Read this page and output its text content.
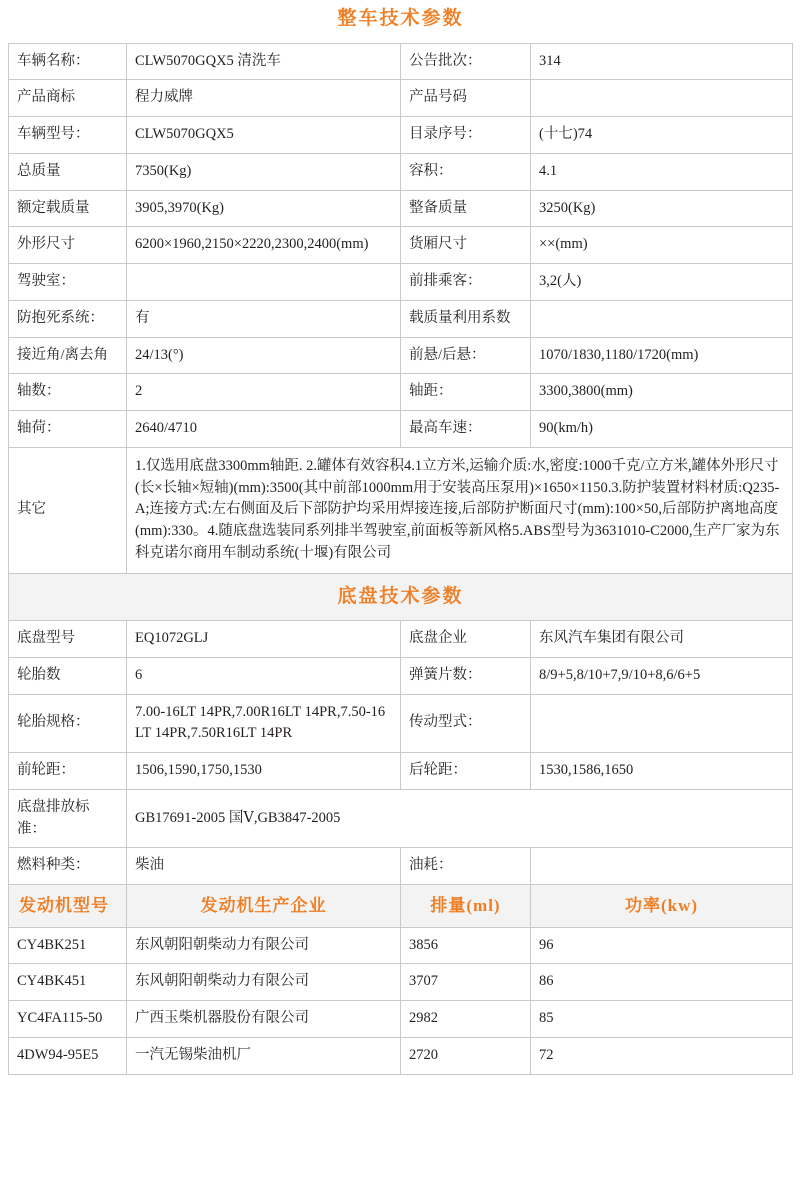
整车技术参数			
车辆名称：	CLW5070GQX5 清洗车	公告批次：	314
产品商标	程力威牌	产品号码	
车辆型号：	CLW5070GQX5	目录序号：	(十七)74
总质量	7350(Kg)	容积：	4.1
额定载质量	3905,3970(Kg)	整备质量	3250(Kg)
外形尺寸	6200×1960,2150×2220,2300,2400(mm)	货厢尺寸	××(mm)
驾驶室：		前排乘客：	3,2(人)
防抱死系统：	有	载质量利用系数	
接近角/离去角	24/13(°)	前悬/后悬：	1070/1830,1180/1720(mm)
轴数：	2	轴距：	3300,3800(mm)
轴荷：	2640/4710	最高车速：	90(km/h)
其它	1.仅选用底盘3300mm轴距. 2.罐体有效容积4.1立方米,运输介质:水,密度:1000千克/立方米,罐体外形尺寸(长×长轴×短轴)(mm):3500(其中前部1000mm用于安装高压泵用)×1650×1150.3.防护装置材料材质:Q235-A;连接方式:左右侧面及后下部防护均采用焊接连接,后部防护断面尺寸(mm):100×50,后部防护离地高度(mm):330。4.随底盘选装同系列排半驾驶室,前面板等新风格5.ABS型号为3631010-C2000,生产厂家为东科克诺尔商用车制动系统(十堰)有限公司		
底盘技术参数			
底盘型号	EQ1072GLJ	底盘企业	东风汽车集团有限公司
轮胎数	6	弹簧片数：	8/9+5,8/10+7,9/10+8,6/6+5
轮胎规格：	7.00-16LT 14PR,7.00R16LT 14PR,7.50-16LT 14PR,7.50R16LT 14PR	传动型式：	
前轮距：	1506,1590,1750,1530	后轮距：	1530,1586,1650
底盘排放标准：	GB17691-2005 国Ⅴ,GB3847-2005		
燃料种类：	柴油	油耗：	
发动机型号	发动机生产企业	排量(ml)	功率(kw)
CY4BK251	东风朝阳朝柴动力有限公司	3856	96
CY4BK451	东风朝阳朝柴动力有限公司	3707	86
YC4FA115-50	广西玉柴机器股份有限公司	2982	85
4DW94-95E5	一汽无锡柴油机厂	2720	72
